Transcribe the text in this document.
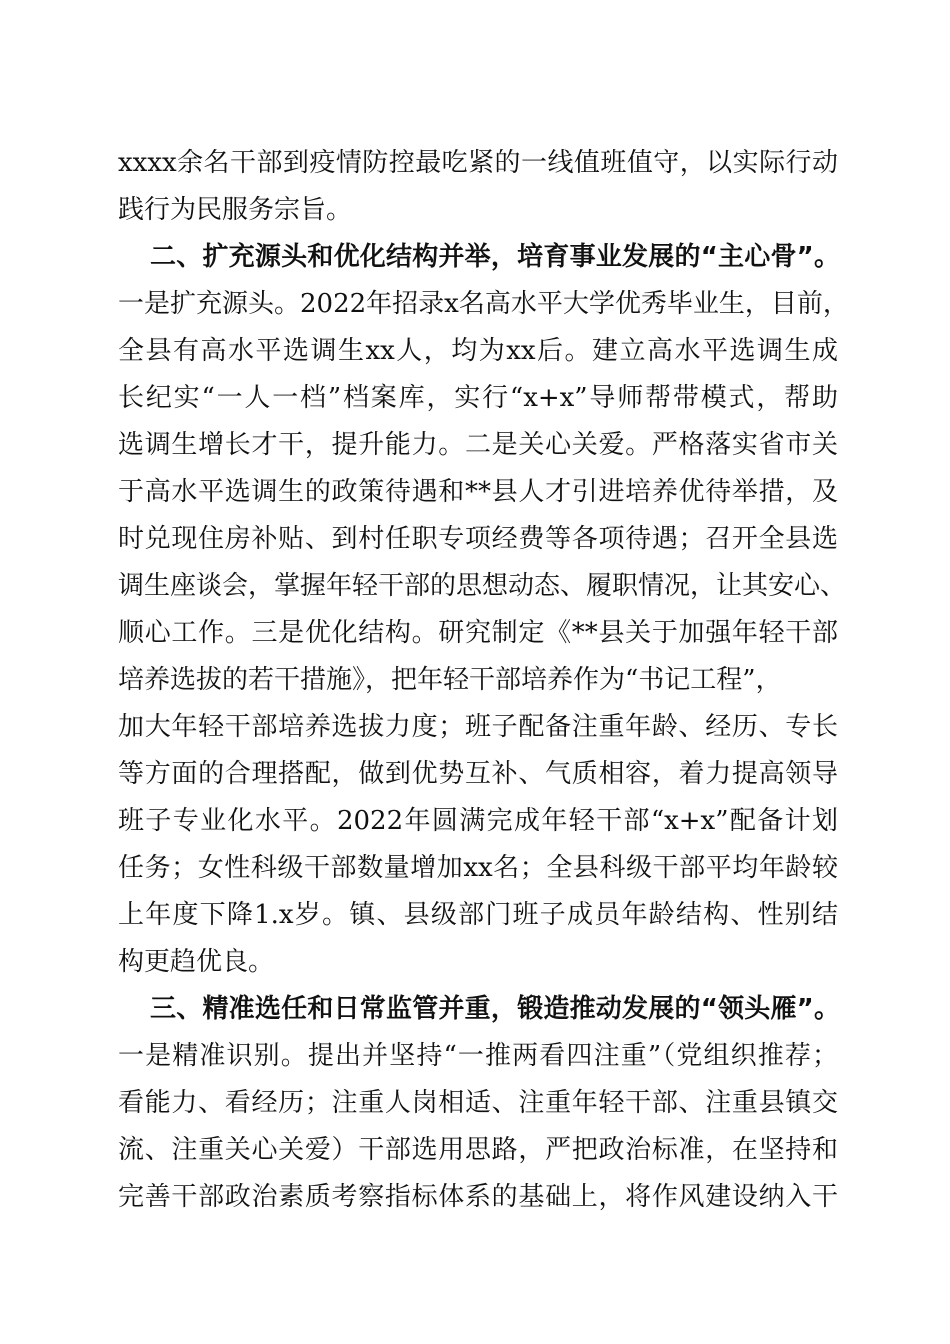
xxxx余名干部到疫情防控最吃紧的一线值班值守，以实际行动
践行为民服务宗旨。
二、扩充源头和优化结构并举，培育事业发展的“主心骨”。
一是扩充源头。2022年招录x名高水平大学优秀毕业生，目前，
全县有高水平选调生xx人，均为xx后。建立高水平选调生成
长纪实“一人一档”档案库，实行“x+x”导师帮带模式，帮助
选调生增长才干，提升能力。二是关心关爱。严格落实省市关
于高水平选调生的政策待遇和**县人才引进培养优待举措，及
时兑现住房补贴、到村任职专项经费等各项待遇；召开全县选
调生座谈会，掌握年轻干部的思想动态、履职情况，让其安心、
顺心工作。三是优化结构。研究制定《**县关于加强年轻干部
培养选拔的若干措施》，把年轻干部培养作为“书记工程”，
加大年轻干部培养选拔力度；班子配备注重年龄、经历、专长
等方面的合理搭配，做到优势互补、气质相容，着力提高领导
班子专业化水平。2022年圆满完成年轻干部“x+x”配备计划
任务；女性科级干部数量增加xx名；全县科级干部平均年龄较
上年度下降1.x岁。镇、县级部门班子成员年龄结构、性别结
构更趋优良。
三、精准选任和日常监管并重，锻造推动发展的“领头雁”。
一是精准识别。提出并坚持“一推两看四注重”（党组织推荐；
看能力、看经历；注重人岗相适、注重年轻干部、注重县镇交
流、注重关心关爱）干部选用思路，严把政治标准，在坚持和
完善干部政治素质考察指标体系的基础上，将作风建设纳入干
